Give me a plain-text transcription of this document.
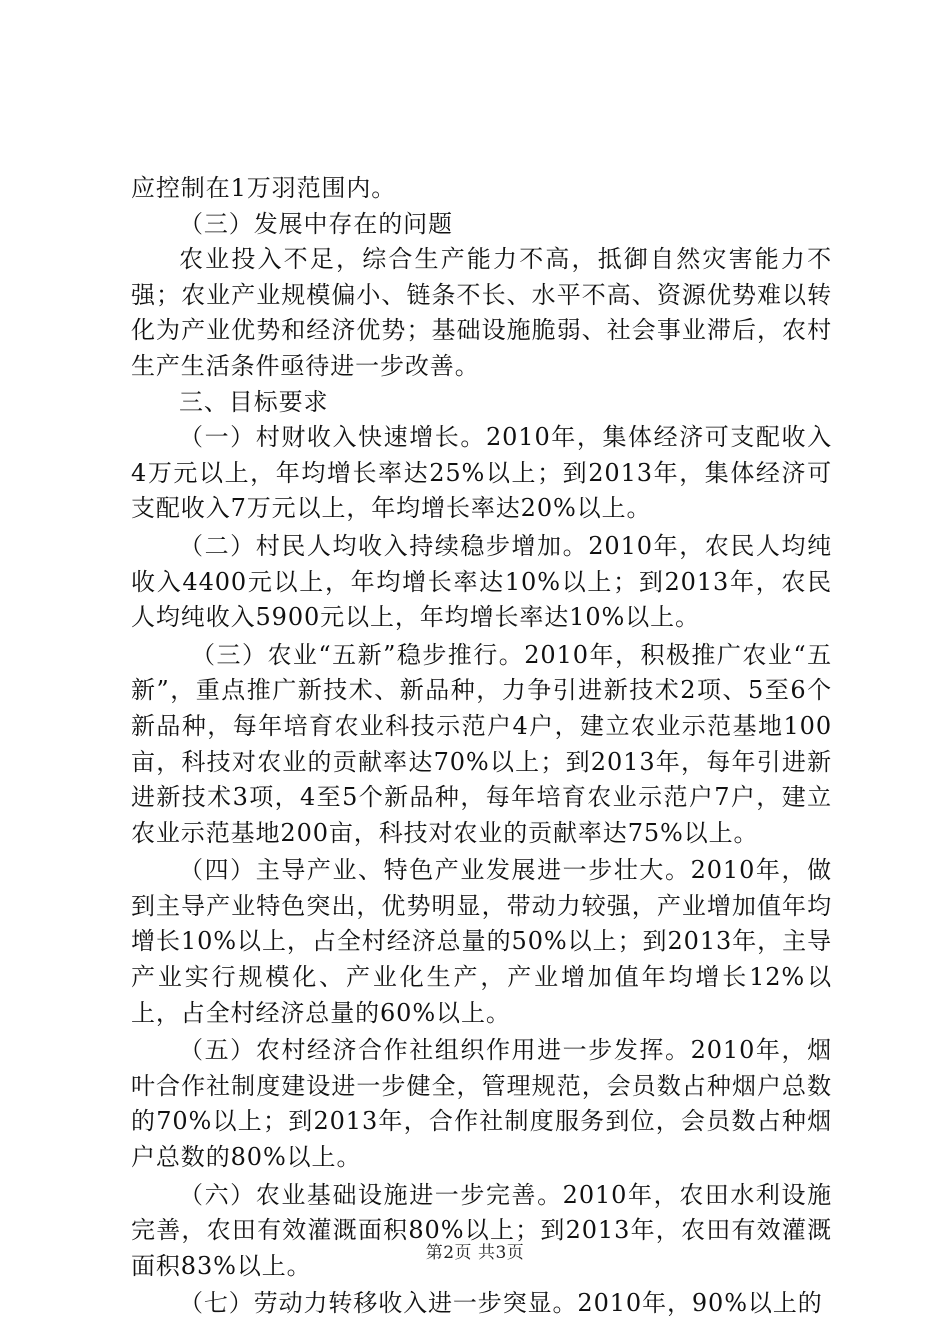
应控制在1万羽范围内。

（三）发展中存在的问题

农业投入不足，综合生产能力不高，抵御自然灾害能力不强；农业产业规模偏小、链条不长、水平不高、资源优势难以转化为产业优势和经济优势；基础设施脆弱、社会事业滞后，农村生产生活条件亟待进一步改善。

三、目标要求

（一）村财收入快速增长。2010年，集体经济可支配收入4万元以上，年均增长率达25%以上；到2013年，集体经济可支配收入7万元以上，年均增长率达20%以上。

（二）村民人均收入持续稳步增加。2010年，农民人均纯收入4400元以上，年均增长率达10%以上；到2013年，农民人均纯收入5900元以上，年均增长率达10%以上。

（三）农业“五新”稳步推行。2010年，积极推广农业“五新”，重点推广新技术、新品种，力争引进新技术2项、5至6个新品种，每年培育农业科技示范户4户，建立农业示范基地100亩，科技对农业的贡献率达70%以上；到2013年，每年引进新进新技术3项，4至5个新品种，每年培育农业示范户7户，建立农业示范基地200亩，科技对农业的贡献率达75%以上。

（四）主导产业、特色产业发展进一步壮大。2010年，做到主导产业特色突出，优势明显，带动力较强，产业增加值年均增长10%以上，占全村经济总量的50%以上；到2013年，主导产业实行规模化、产业化生产，产业增加值年均增长12%以上，占全村经济总量的60%以上。

（五）农村经济合作社组织作用进一步发挥。2010年，烟叶合作社制度建设进一步健全，管理规范，会员数占种烟户总数的70%以上；到2013年，合作社制度服务到位，会员数占种烟户总数的80%以上。

（六）农业基础设施进一步完善。2010年，农田水利设施完善，农田有效灌溉面积80%以上；到2013年，农田有效灌溉面积83%以上。

（七）劳动力转移收入进一步突显。2010年，90%以上的

第2页 共3页
